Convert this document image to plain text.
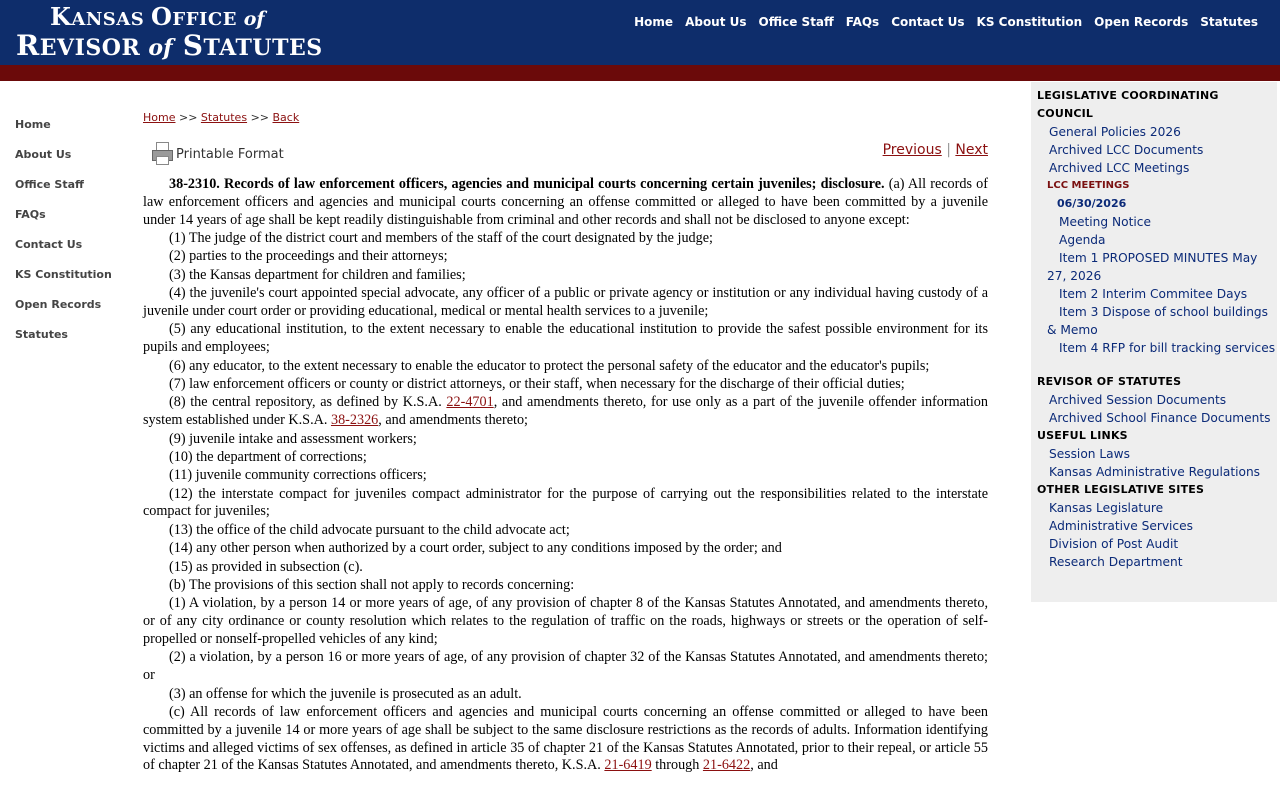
KANSAS OFFICE of
REVISOR of STATUTES
Home About Us Office Staff FAQs Contact Us KS Constitution Open Records Statutes
Home
About Us
Office Staff
FAQs
Contact Us
KS Constitution
Open Records
Statutes
Home >> Statutes >> Back
Printable Format	Previous | Next

38-2310. Records of law enforcement officers, agencies and municipal courts concerning certain juveniles; disclosure. (a) All records of law enforcement officers and agencies and municipal courts concerning an offense committed or alleged to have been committed by a juvenile under 14 years of age shall be kept readily distinguishable from criminal and other records and shall not be disclosed to anyone except:

(1) The judge of the district court and members of the staff of the court designated by the judge;

(2) parties to the proceedings and their attorneys;

(3) the Kansas department for children and families;

(4) the juvenile's court appointed special advocate, any officer of a public or private agency or institution or any individual having custody of a juvenile under court order or providing educational, medical or mental health services to a juvenile;

(5) any educational institution, to the extent necessary to enable the educational institution to provide the safest possible environment for its pupils and employees;

(6) any educator, to the extent necessary to enable the educator to protect the personal safety of the educator and the educator's pupils;

(7) law enforcement officers or county or district attorneys, or their staff, when necessary for the discharge of their official duties;

(8) the central repository, as defined by K.S.A. 22-4701, and amendments thereto, for use only as a part of the juvenile offender information system established under K.S.A. 38-2326, and amendments thereto;

(9) juvenile intake and assessment workers;

(10) the department of corrections;

(11) juvenile community corrections officers;

(12) the interstate compact for juveniles compact administrator for the purpose of carrying out the responsibilities related to the interstate compact for juveniles;

(13) the office of the child advocate pursuant to the child advocate act;

(14) any other person when authorized by a court order, subject to any conditions imposed by the order; and

(15) as provided in subsection (c).

(b) The provisions of this section shall not apply to records concerning:

(1) A violation, by a person 14 or more years of age, of any provision of chapter 8 of the Kansas Statutes Annotated, and amendments thereto, or of any city ordinance or county resolution which relates to the regulation of traffic on the roads, highways or streets or the operation of self-propelled or nonself-propelled vehicles of any kind;

(2) a violation, by a person 16 or more years of age, of any provision of chapter 32 of the Kansas Statutes Annotated, and amendments thereto; or

(3) an offense for which the juvenile is prosecuted as an adult.

(c) All records of law enforcement officers and agencies and municipal courts concerning an offense committed or alleged to have been committed by a juvenile 14 or more years of age shall be subject to the same disclosure restrictions as the records of adults. Information identifying victims and alleged victims of sex offenses, as defined in article 35 of chapter 21 of the Kansas Statutes Annotated, prior to their repeal, or article 55 of chapter 21 of the Kansas Statutes Annotated, and amendments thereto, K.S.A. 21-6419 through 21-6422, and

LEGISLATIVE COORDINATING COUNCIL
General Policies 2026
Archived LCC Documents
Archived LCC Meetings
LCC MEETINGS
06/30/2026
Meeting Notice
Agenda
Item 1 PROPOSED MINUTES May 27, 2026
Item 2 Interim Commitee Days
Item 3 Dispose of school buildings & Memo
Item 4 RFP for bill tracking services
REVISOR OF STATUTES
Archived Session Documents
Archived School Finance Documents
USEFUL LINKS
Session Laws
Kansas Administrative Regulations
OTHER LEGISLATIVE SITES
Kansas Legislature
Administrative Services
Division of Post Audit
Research Department
